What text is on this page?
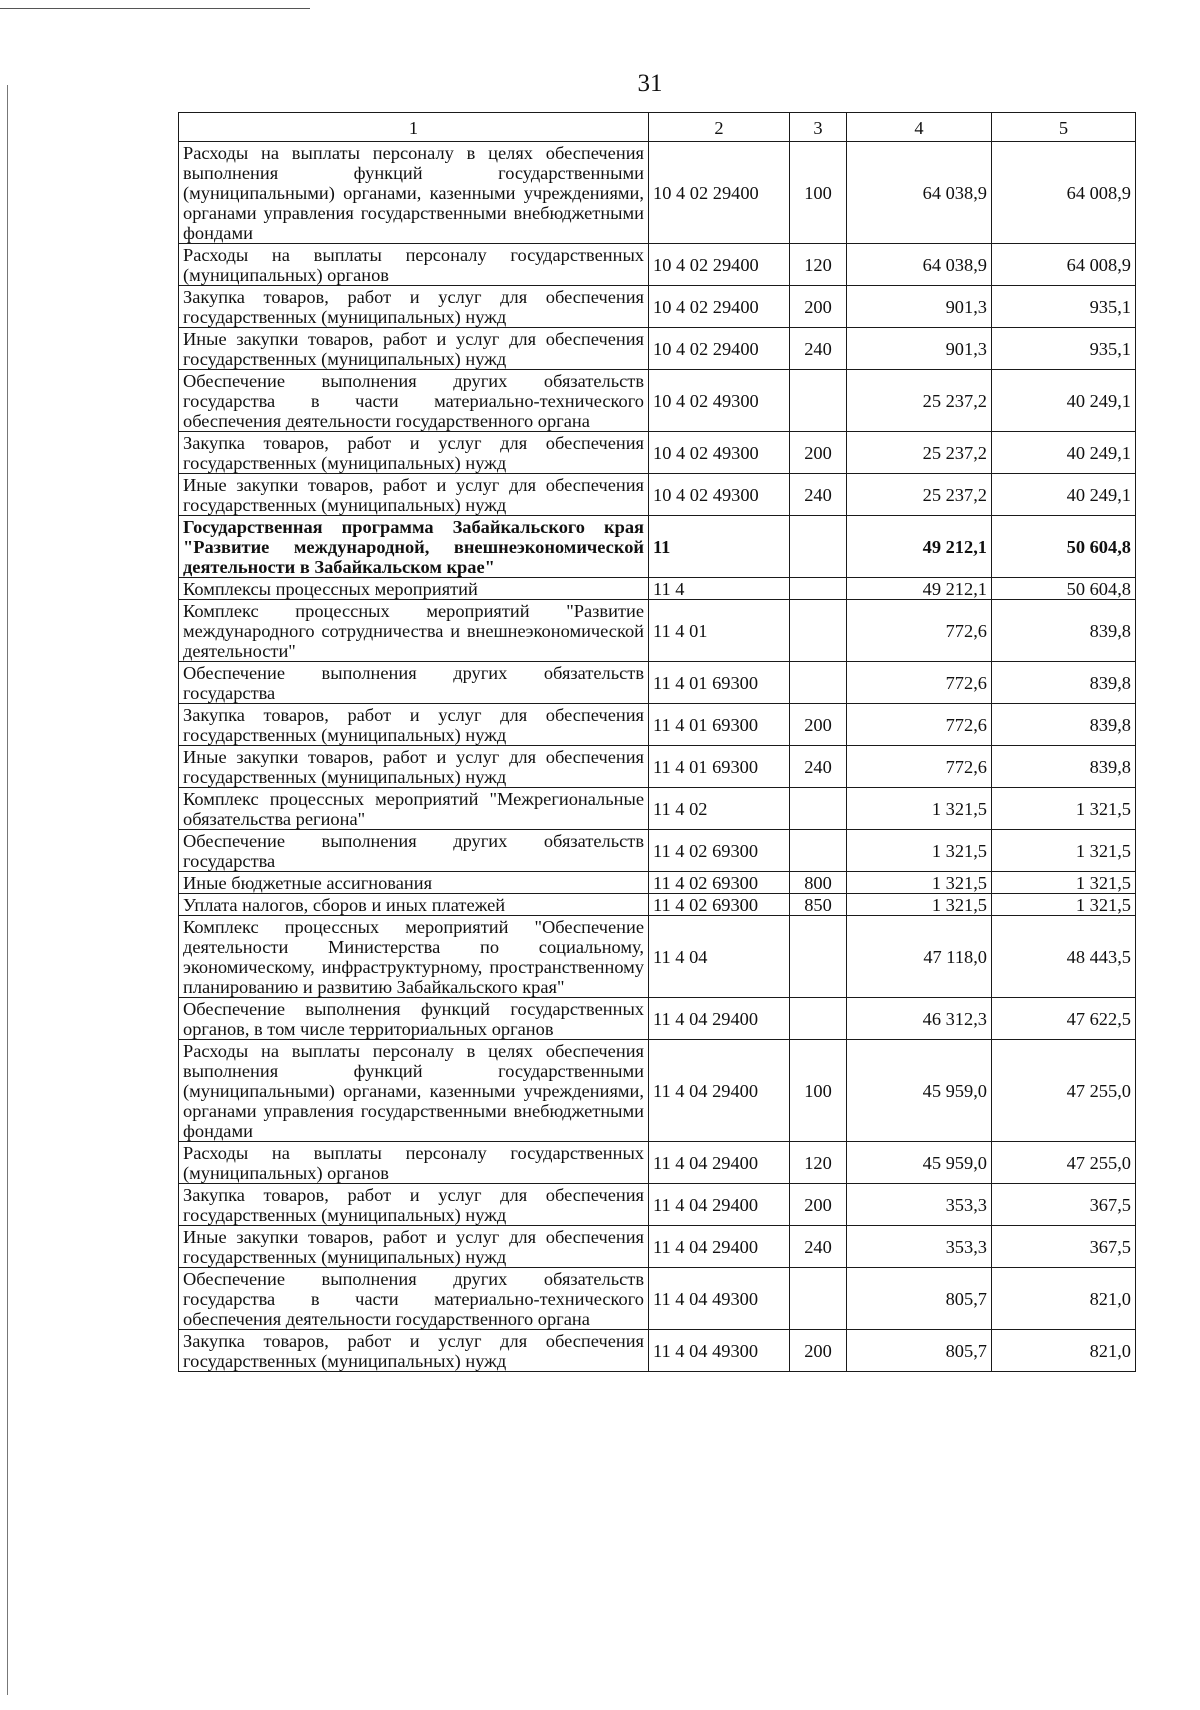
31
1	2	3	4	5
Расходы на выплаты персоналу в целях обеспечения выполнения функций государственными (муниципальными) органами, казенными учреждениями, органами управления государственными внебюджетными фондами	10 4 02 29400	100	64 038,9	64 008,9
Расходы на выплаты персоналу государственных (муниципальных) органов	10 4 02 29400	120	64 038,9	64 008,9
Закупка товаров, работ и услуг для обеспечения государственных (муниципальных) нужд	10 4 02 29400	200	901,3	935,1
Иные закупки товаров, работ и услуг для обеспечения государственных (муниципальных) нужд	10 4 02 29400	240	901,3	935,1
Обеспечение выполнения других обязательств государства в части материально-технического обеспечения деятельности государственного органа	10 4 02 49300		25 237,2	40 249,1
Закупка товаров, работ и услуг для обеспечения государственных (муниципальных) нужд	10 4 02 49300	200	25 237,2	40 249,1
Иные закупки товаров, работ и услуг для обеспечения государственных (муниципальных) нужд	10 4 02 49300	240	25 237,2	40 249,1
Государственная программа Забайкальского края "Развитие международной, внешнеэкономической деятельности в Забайкальском крае"	11		49 212,1	50 604,8
Комплексы процессных мероприятий	11 4		49 212,1	50 604,8
Комплекс процессных мероприятий "Развитие международного сотрудничества и внешнеэкономической деятельности"	11 4 01		772,6	839,8
Обеспечение выполнения других обязательств государства	11 4 01 69300		772,6	839,8
Закупка товаров, работ и услуг для обеспечения государственных (муниципальных) нужд	11 4 01 69300	200	772,6	839,8
Иные закупки товаров, работ и услуг для обеспечения государственных (муниципальных) нужд	11 4 01 69300	240	772,6	839,8
Комплекс процессных мероприятий "Межрегиональные обязательства региона"	11 4 02		1 321,5	1 321,5
Обеспечение выполнения других обязательств государства	11 4 02 69300		1 321,5	1 321,5
Иные бюджетные ассигнования	11 4 02 69300	800	1 321,5	1 321,5
Уплата налогов, сборов и иных платежей	11 4 02 69300	850	1 321,5	1 321,5
Комплекс процессных мероприятий "Обеспечение деятельности Министерства по социальному, экономическому, инфраструктурному, пространственному планированию и развитию Забайкальского края"	11 4 04		47 118,0	48 443,5
Обеспечение выполнения функций государственных органов, в том числе территориальных органов	11 4 04 29400		46 312,3	47 622,5
Расходы на выплаты персоналу в целях обеспечения выполнения функций государственными (муниципальными) органами, казенными учреждениями, органами управления государственными внебюджетными фондами	11 4 04 29400	100	45 959,0	47 255,0
Расходы на выплаты персоналу государственных (муниципальных) органов	11 4 04 29400	120	45 959,0	47 255,0
Закупка товаров, работ и услуг для обеспечения государственных (муниципальных) нужд	11 4 04 29400	200	353,3	367,5
Иные закупки товаров, работ и услуг для обеспечения государственных (муниципальных) нужд	11 4 04 29400	240	353,3	367,5
Обеспечение выполнения других обязательств государства в части материально-технического обеспечения деятельности государственного органа	11 4 04 49300		805,7	821,0
Закупка товаров, работ и услуг для обеспечения государственных (муниципальных) нужд	11 4 04 49300	200	805,7	821,0
